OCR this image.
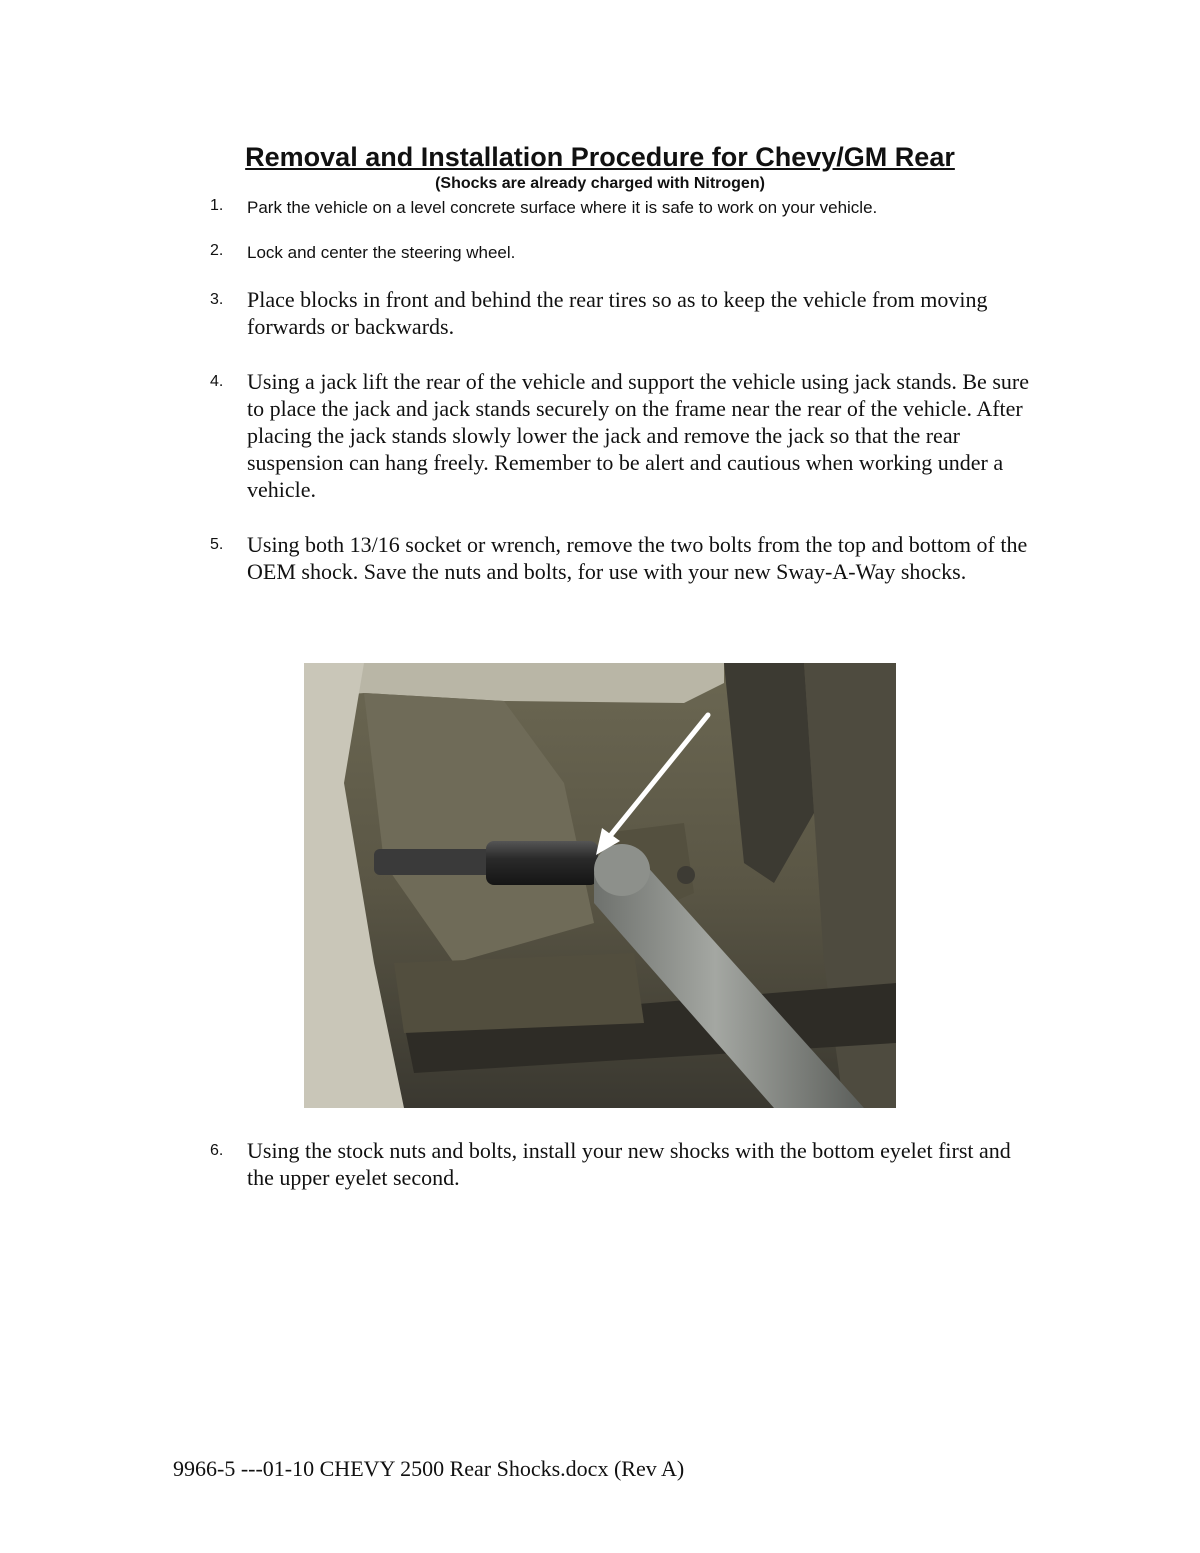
Removal and Installation Procedure for Chevy/GM Rear
(Shocks are already charged with Nitrogen)
1. Park the vehicle on a level concrete surface where it is safe to work on your vehicle.
2. Lock and center the steering wheel.
3. Place blocks in front and behind the rear tires so as to keep the vehicle from moving forwards or backwards.
4. Using a jack lift the rear of the vehicle and support the vehicle using jack stands. Be sure to place the jack and jack stands securely on the frame near the rear of the vehicle. After placing the jack stands slowly lower the jack and remove the jack so that the rear suspension can hang freely. Remember to be alert and cautious when working under a vehicle.
5. Using both 13/16 socket or wrench, remove the two bolts from the top and bottom of the OEM shock. Save the nuts and bolts, for use with your new Sway-A-Way shocks.
6. Using the stock nuts and bolts, install your new shocks with the bottom eyelet first and the upper eyelet second.
9966-5 ---01-10 CHEVY 2500 Rear Shocks.docx (Rev A)
